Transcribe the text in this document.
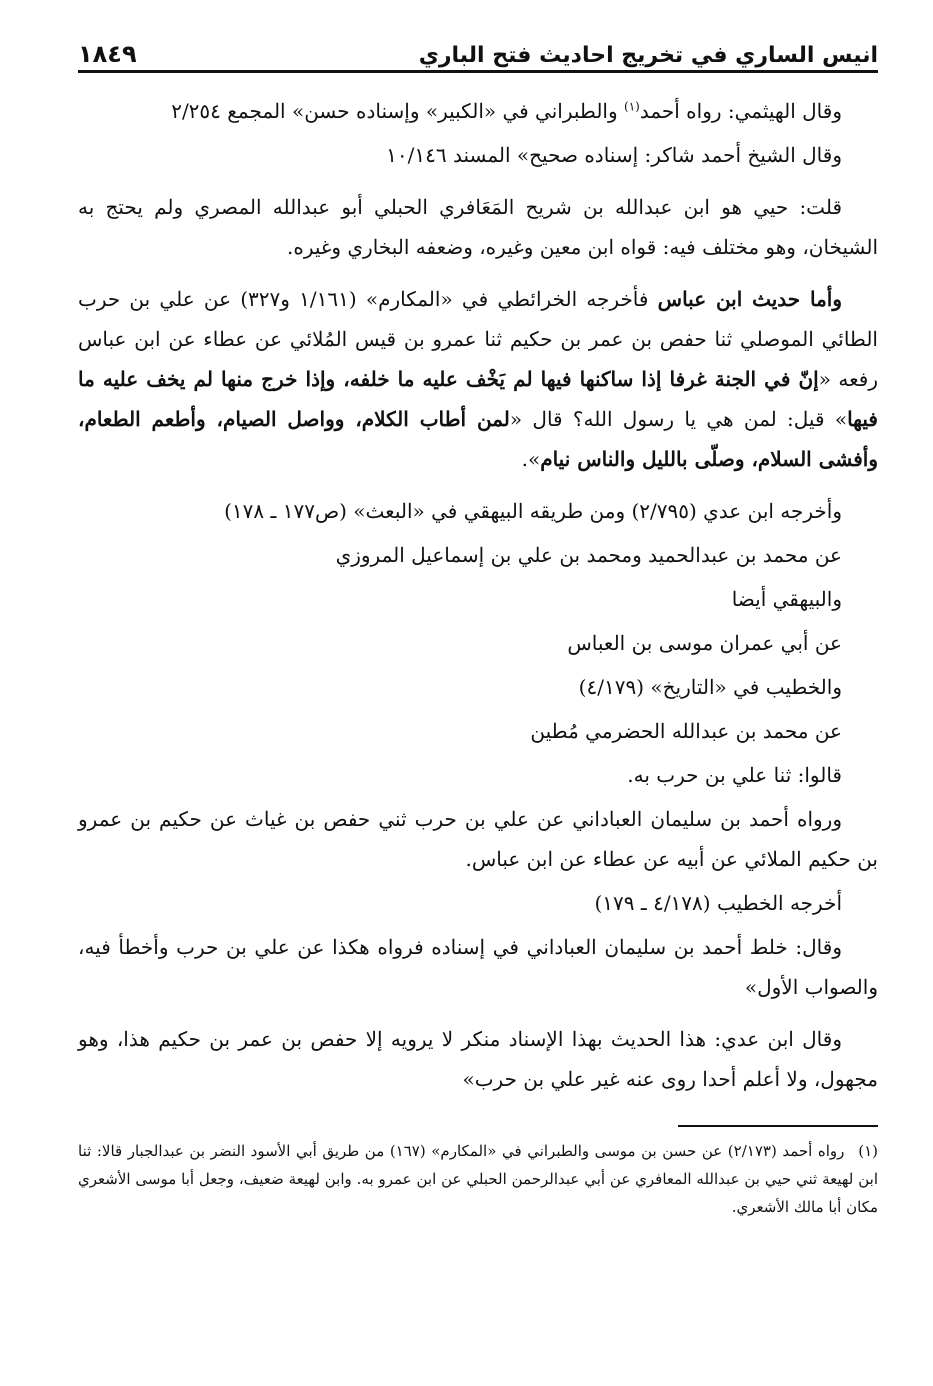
انيس الساري في تخريج احاديث فتح الباري
١٨٤٩

وقال الهيثمي: رواه أحمد$^{(١)}$ والطبراني في «الكبير» وإسناده حسن» المجمع ٢/٢٥٤

وقال الشيخ أحمد شاكر: إسناده صحيح» المسند ١٠/١٤٦

قلت: حيي هو ابن عبدالله بن شريح المَعَافري الحبلي أبو عبدالله المصري ولم يحتج به الشيخان، وهو مختلف فيه: قواه ابن معين وغيره، وضعفه البخاري وغيره.

وأما حديث ابن عباس فأخرجه الخرائطي في «المكارم» (١/١٦١ و٣٢٧) عن علي بن حرب الطائي الموصلي ثنا حفص بن عمر بن حكيم ثنا عمرو بن قيس المُلائي عن عطاء عن ابن عباس رفعه «إنّ في الجنة غرفا إذا ساكنها فيها لم يَخْف عليه ما خلفه، وإذا خرج منها لم يخف عليه ما فيها» قيل: لمن هي يا رسول الله؟ قال «لمن أطاب الكلام، وواصل الصيام، وأطعم الطعام، وأفشى السلام، وصلّى بالليل والناس نيام».

وأخرجه ابن عدي (٢/٧٩٥) ومن طريقه البيهقي في «البعث» (ص١٧٧ ـ ١٧٨)

عن محمد بن عبدالحميد ومحمد بن علي بن إسماعيل المروزي

والبيهقي أيضا

عن أبي عمران موسى بن العباس

والخطيب في «التاريخ» (٤/١٧٩)

عن محمد بن عبدالله الحضرمي مُطين

قالوا: ثنا علي بن حرب به.

ورواه أحمد بن سليمان العباداني عن علي بن حرب ثني حفص بن غياث عن حكيم بن عمرو بن حكيم الملائي عن أبيه عن عطاء عن ابن عباس.

أخرجه الخطيب (٤/١٧٨ ـ ١٧٩)

وقال: خلط أحمد بن سليمان العباداني في إسناده فرواه هكذا عن علي بن حرب وأخطأ فيه، والصواب الأول»

وقال ابن عدي: هذا الحديث بهذا الإسناد منكر لا يرويه إلا حفص بن عمر بن حكيم هذا، وهو مجهول، ولا أعلم أحدا روى عنه غير علي بن حرب»

(١) رواه أحمد (٢/١٧٣) عن حسن بن موسى والطبراني في «المكارم» (١٦٧) من طريق أبي الأسود النضر بن عبدالجبار قالا: ثنا ابن لهيعة ثني حيي بن عبدالله المعافري عن أبي عبدالرحمن الحبلي عن ابن عمرو به. وابن لهيعة ضعيف، وجعل أبا موسى الأشعري مكان أبا مالك الأشعري.
